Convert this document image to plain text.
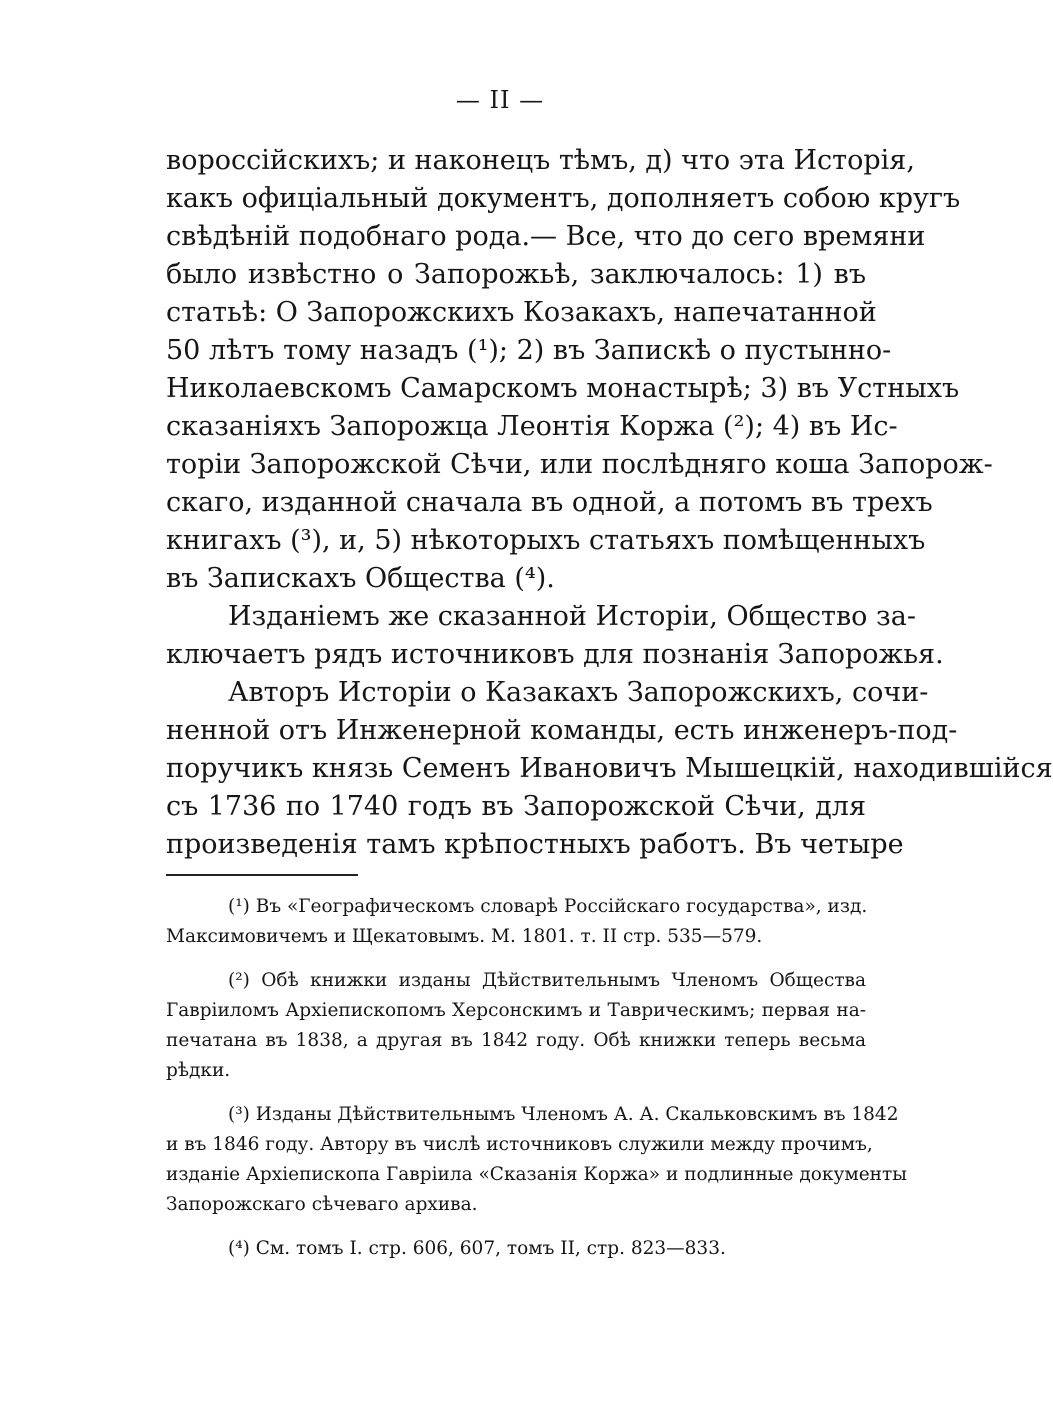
— II —
вороссійскихъ; и наконецъ тѣмъ, д) что эта Исторія,
какъ офиціальный документъ, дополняетъ собою кругъ
свѣдѣній подобнаго рода.— Все, что до сего времяни
было извѣстно о Запорожьѣ, заключалось: 1) въ
статьѣ: О Запорожскихъ Козакахъ, напечатанной
50 лѣтъ тому назадъ (¹); 2) въ Запискѣ о пустынно-
Николаевскомъ Самарскомъ монастырѣ; 3) въ Устныхъ
сказаніяхъ Запорожца Леонтія Коржа (²); 4) въ Ис-
торіи Запорожской Сѣчи, или послѣдняго коша Запорож-
скаго, изданной сначала въ одной, а потомъ въ трехъ
книгахъ (³), и, 5) нѣкоторыхъ статьяхъ помѣщенныхъ
въ Запискахъ Общества (⁴).
Изданіемъ же сказанной Исторіи, Общество за-
ключаетъ рядъ источниковъ для познанія Запорожья.
Авторъ Исторіи о Казакахъ Запорожскихъ, сочи-
ненной отъ Инженерной команды, есть инженеръ-под-
поручикъ князь Семенъ Ивановичъ Мышецкій, находившійся
съ 1736 по 1740 годъ въ Запорожской Сѣчи, для
произведенія тамъ крѣпостныхъ работъ. Въ четыре
(¹) Въ «Географическомъ словарѣ Россійскаго государства», изд.
Максимовичемъ и Щекатовымъ. М. 1801. т. II стр. 535—579.
(²) Обѣ книжки изданы Дѣйствительнымъ Членомъ Общества
Гавріиломъ Архіепископомъ Херсонскимъ и Таврическимъ; первая на-
печатана въ 1838, а другая въ 1842 году. Обѣ книжки теперь весьма
рѣдки.
(³) Изданы Дѣйствительнымъ Членомъ А. А. Скальковскимъ въ 1842
и въ 1846 году. Автору въ числѣ источниковъ служили между прочимъ,
изданіе Архіепископа Гавріила «Сказанія Коржа» и подлинные документы
Запорожскаго сѣчеваго архива.
(⁴) См. томъ I. стр. 606, 607, томъ II, стр. 823—833.
